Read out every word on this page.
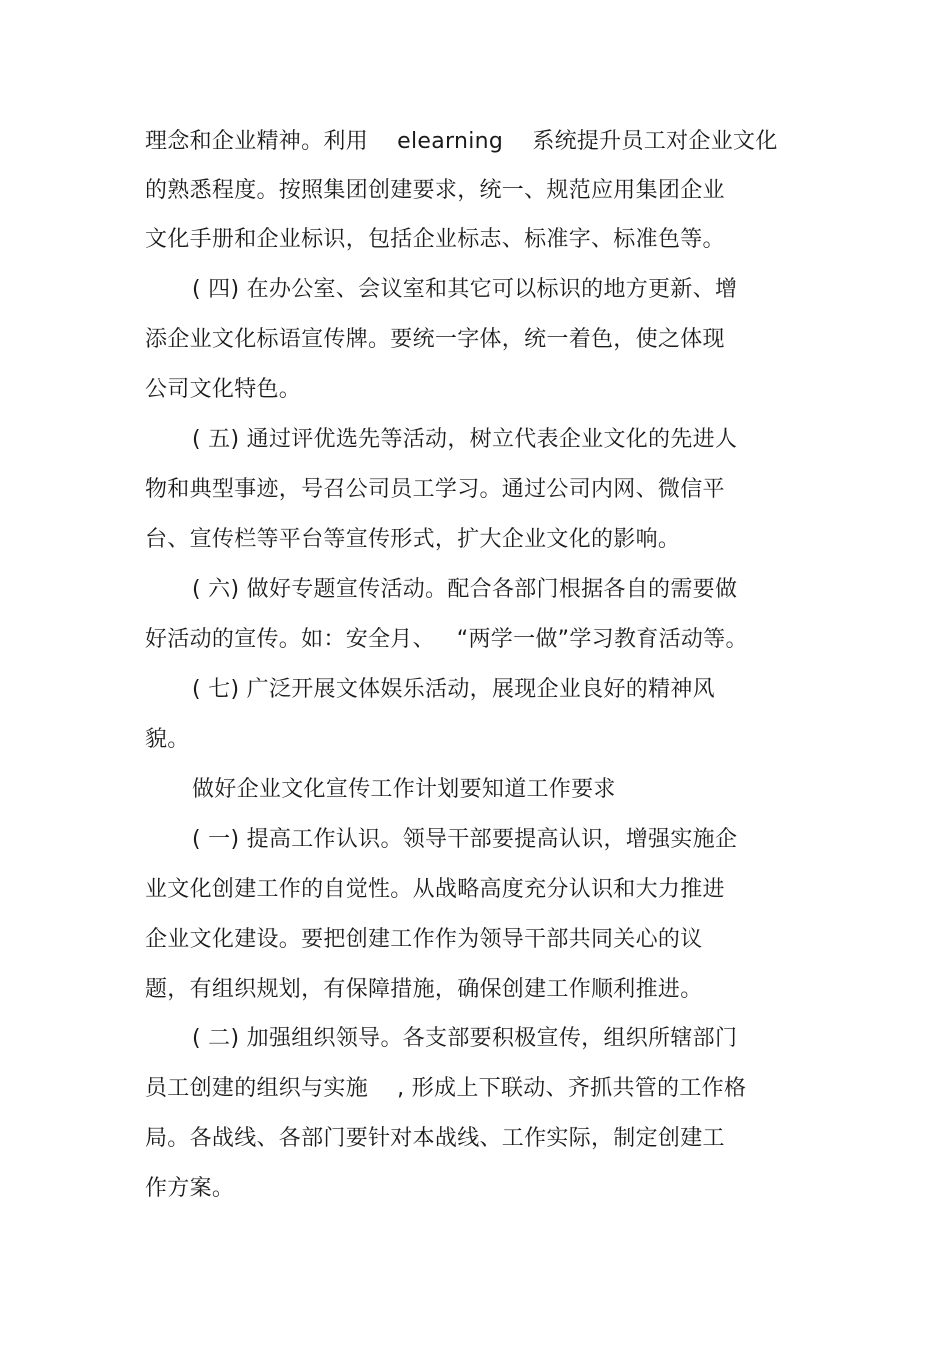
理念和企业精神。利用    elearning    系统提升员工对企业文化
的熟悉程度。按照集团创建要求，统一、规范应用集团企业
文化手册和企业标识，包括企业标志、标准字、标准色等。
( 四) 在办公室、会议室和其它可以标识的地方更新、增
添企业文化标语宣传牌。要统一字体，统一着色，使之体现
公司文化特色。
( 五) 通过评优选先等活动，树立代表企业文化的先进人
物和典型事迹，号召公司员工学习。通过公司内网、微信平
台、宣传栏等平台等宣传形式，扩大企业文化的影响。
( 六) 做好专题宣传活动。配合各部门根据各自的需要做
好活动的宣传。如：安全月、   “两学一做”学习教育活动等。
( 七) 广泛开展文体娱乐活动，展现企业良好的精神风
貌。
做好企业文化宣传工作计划要知道工作要求
( 一) 提高工作认识。领导干部要提高认识，增强实施企
业文化创建工作的自觉性。从战略高度充分认识和大力推进
企业文化建设。要把创建工作作为领导干部共同关心的议
题，有组织规划，有保障措施，确保创建工作顺利推进。
( 二) 加强组织领导。各支部要积极宣传，组织所辖部门
员工创建的组织与实施    , 形成上下联动、齐抓共管的工作格
局。各战线、各部门要针对本战线、工作实际，制定创建工
作方案。
